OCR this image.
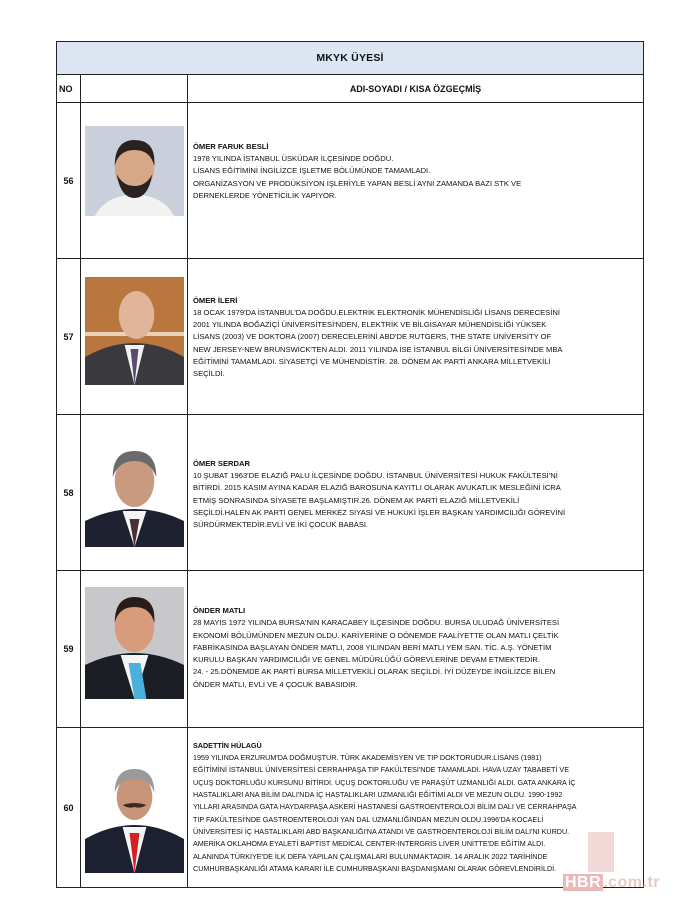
MKYK ÜYESİ
NO	ADI-SOYADI / KISA ÖZGEÇMİŞ
56
ÖMER FARUK BESLİ
1978 YILINDA İSTANBUL ÜSKÜDAR İLÇESİNDE DOĞDU.
LİSANS EĞİTİMİNİ İNGİLİZCE İŞLETME BÖLÜMÜNDE TAMAMLADI.
ORGANİZASYON VE PRODÜKSİYON İŞLERİYLE YAPAN BESLİ AYNI ZAMANDA BAZI STK VE
DERNEKLERDE YÖNETİCİLİK YAPIYOR.
57
ÖMER İLERİ
18 OCAK 1979'DA İSTANBUL'DA DOĞDU.ELEKTRİK ELEKTRONİK MÜHENDİSLİĞİ LİSANS DERECESİNİ
2001 YILINDA BOĞAZİÇİ ÜNİVERSİTESİ'NDEN, ELEKTRİK VE BİLGİSAYAR MÜHENDİSLİĞİ YÜKSEK
LİSANS (2003) VE DOKTORA (2007) DERECELERİNİ ABD'DE RUTGERS, THE STATE UNİVERSİTY OF
NEW JERSEY-NEW BRUNSWİCK'TEN ALDI. 2011 YILINDA İSE İSTANBUL BİLGİ ÜNİVERSİTESİ'NDE MBA
EĞİTİMİNİ TAMAMLADI. SİYASETÇİ VE MÜHENDİSTİR. 28. DÖNEM AK PARTİ ANKARA MİLLETVEKİLİ
SEÇİLDİ.
58
ÖMER SERDAR
10 ŞUBAT 1963'DE ELAZIĞ PALU İLÇESİNDE DOĞDU. İSTANBUL ÜNİVERSİTESİ HUKUK FAKÜLTESİ'Nİ
BİTİRDİ. 2015 KASIM AYINA KADAR ELAZIĞ BAROSUNA KAYITLI OLARAK AVUKATLIK MESLEĞİNİ İCRA
ETMİŞ SONRASINDA SİYASETE BAŞLAMIŞTIR.26. DÖNEM AK PARTİ ELAZIĞ MİLLETVEKİLİ
SEÇİLDİ.HALEN AK PARTİ GENEL MERKEZ SİYASİ VE HUKUKİ İŞLER BAŞKAN YARDIMCILIĞI GÖREVİNİ
SÜRDÜRMEKTEDİR.EVLİ VE İKİ ÇOCUK BABASI.
59
ÖNDER MATLI
28 MAYIS 1972 YILINDA BURSA'NIN KARACABEY İLÇESİNDE DOĞDU. BURSA ULUDAĞ ÜNİVERSİTESİ
EKONOMİ BÖLÜMÜNDEN MEZUN OLDU. KARİYERİNE O DÖNEMDE FAALİYETTE OLAN MATLI ÇELTİK
FABRİKASINDA BAŞLAYAN ÖNDER MATLI, 2008 YILINDAN BERİ MATLI YEM SAN. TİC. A.Ş. YÖNETİM
KURULU BAŞKAN YARDIMCILIĞI VE GENEL MÜDÜRLÜĞÜ GÖREVLERİNE DEVAM ETMEKTEDİR.
24. - 25.DÖNEMDE AK PARTİ BURSA MİLLETVEKİLİ OLARAK SEÇİLDİ. İYİ DÜZEYDE İNGİLİZCE BİLEN
ÖNDER MATLI, EVLİ VE 4 ÇOCUK BABASIDIR.
60
SADETTİN HÜLAGÜ
1959 YILINDA ERZURUM'DA DOĞMUŞTUR. TÜRK AKADEMİSYEN VE TIP DOKTORUDUR.LİSANS (1981)
EĞİTİMİNİ İSTANBUL ÜNİVERSİTESİ CERRAHPAŞA TIP FAKÜLTESİ'NDE TAMAMLADI. HAVA UZAY TABABETİ VE
UÇUŞ DOKTORLUĞU KURSUNU BİTİRDİ. UÇUŞ DOKTORLUĞU VE PARAŞÜT UZMANLIĞI ALDI. GATA ANKARA İÇ
HASTALIKLARI ANA BİLİM DALI'NDA İÇ HASTALIKLARI UZMANLIĞI EĞİTİMİ ALDI VE MEZUN OLDU. 1990-1992
YILLARI ARASINDA GATA HAYDARPAŞA ASKERİ HASTANESİ GASTROENTEROLOJİ BİLİM DALI VE CERRAHPAŞA
TIP FAKÜLTESİ'NDE GASTROENTEROLOJİ YAN DAL UZMANLIĞINDAN MEZUN OLDU.1996'DA KOCAELİ
ÜNİVERSİTESİ İÇ HASTALIKLARI ABD BAŞKANLIĞI'NA ATANDI VE GASTROENTEROLOJİ BİLİM DALI'NI KURDU.
AMERİKA OKLAHOMA EYALETİ BAPTİST MEDİCAL CENTER-INTERGRİS LİVER UNİTTE'DE EĞİTİM ALDI.
ALANINDA TÜRKİYE'DE İLK DEFA YAPILAN ÇALIŞMALARI BULUNMAKTADIR. 14 ARALIK 2022 TARİHİNDE
CUMHURBAŞKANLIĞI ATAMA KARARI İLE CUMHURBAŞKANI BAŞDANIŞMANI OLARAK GÖREVLENDİRİLDİ.
HBR .com.tr
